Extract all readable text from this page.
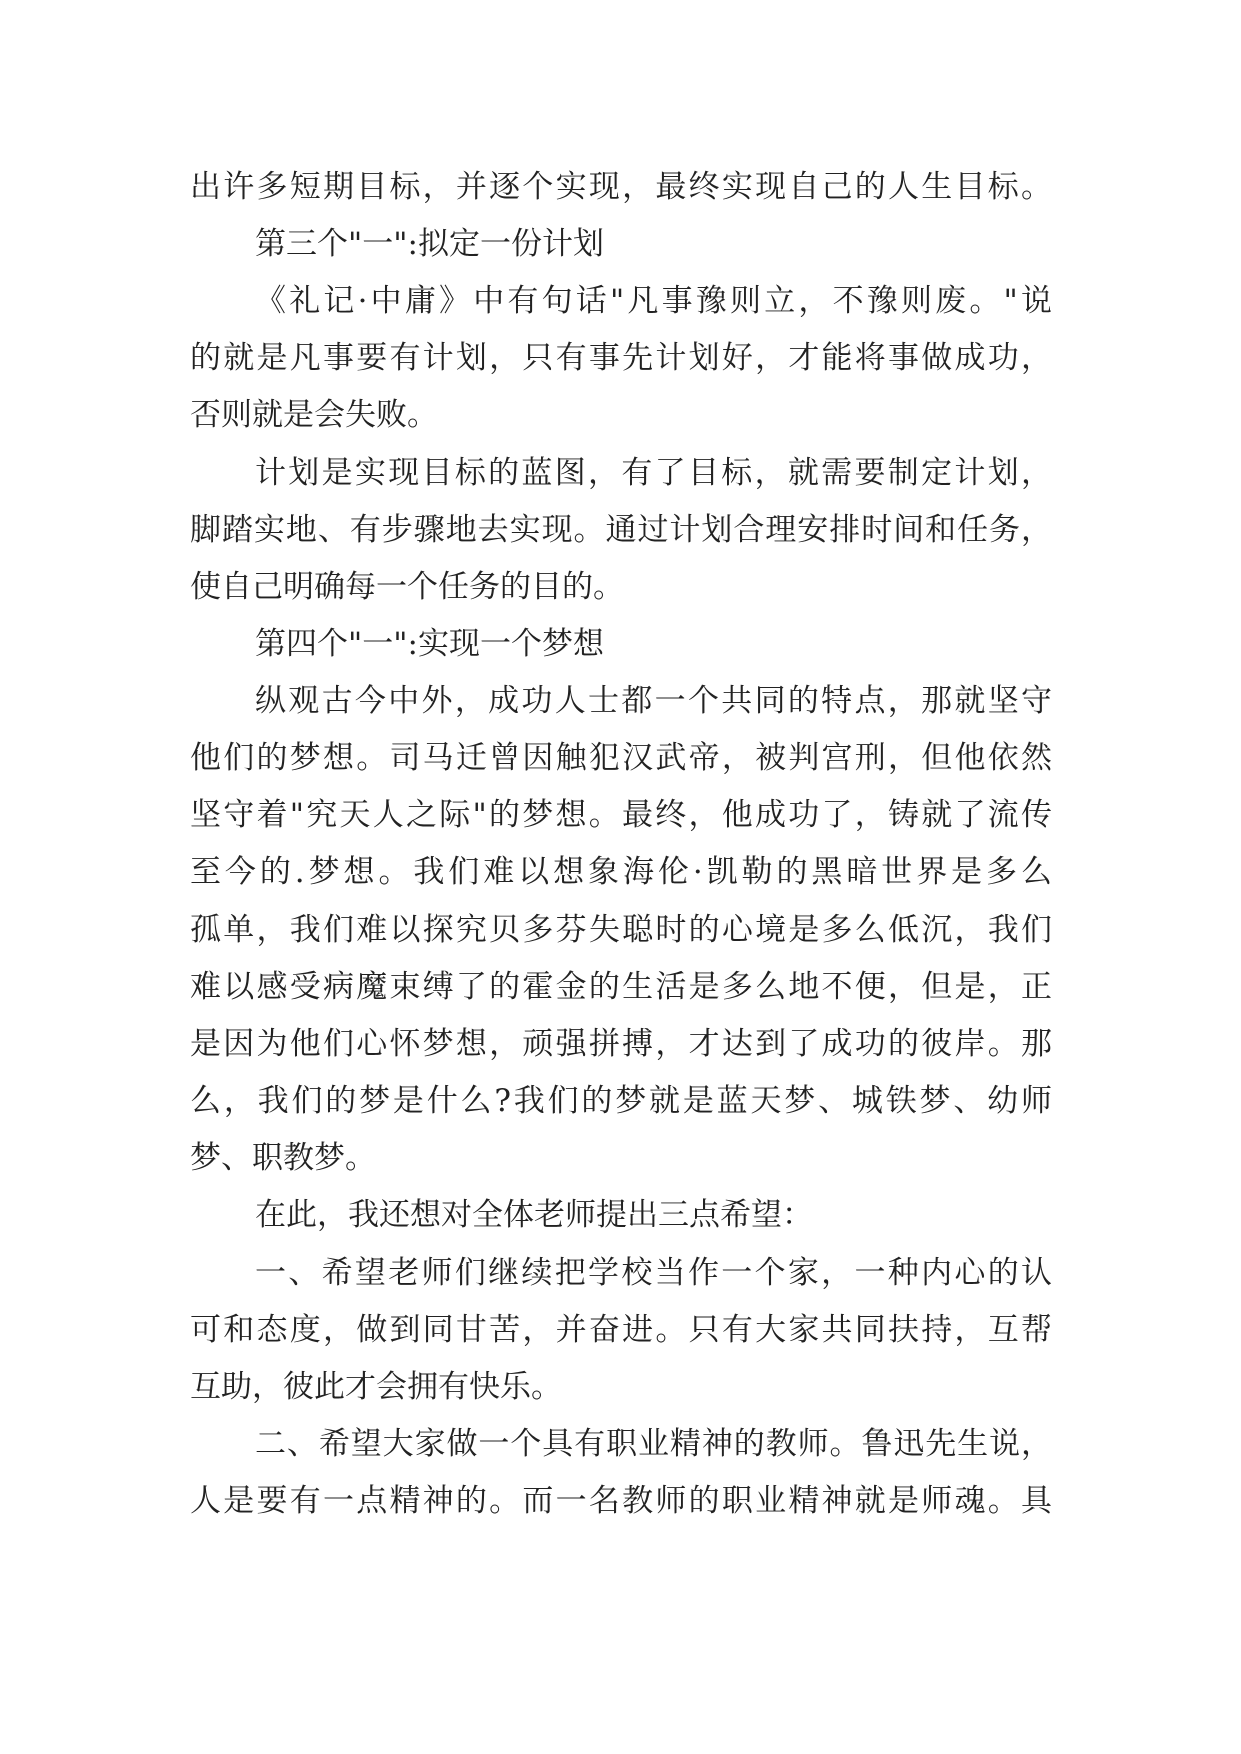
出许多短期目标，并逐个实现，最终实现自己的人生目标。
第三个"一":拟定一份计划
《礼记·中庸》中有句话"凡事豫则立，不豫则废。"说
的就是凡事要有计划，只有事先计划好，才能将事做成功，
否则就是会失败。
计划是实现目标的蓝图，有了目标，就需要制定计划，
脚踏实地、有步骤地去实现。通过计划合理安排时间和任务，
使自己明确每一个任务的目的。
第四个"一":实现一个梦想
纵观古今中外，成功人士都一个共同的特点，那就坚守
他们的梦想。司马迁曾因触犯汉武帝，被判宫刑，但他依然
坚守着"究天人之际"的梦想。最终，他成功了，铸就了流传
至今的.梦想。我们难以想象海伦·凯勒的黑暗世界是多么
孤单，我们难以探究贝多芬失聪时的心境是多么低沉，我们
难以感受病魔束缚了的霍金的生活是多么地不便，但是，正
是因为他们心怀梦想，顽强拼搏，才达到了成功的彼岸。那
么，我们的梦是什么?我们的梦就是蓝天梦、城铁梦、幼师
梦、职教梦。
在此，我还想对全体老师提出三点希望：
一、希望老师们继续把学校当作一个家，一种内心的认
可和态度，做到同甘苦，并奋进。只有大家共同扶持，互帮
互助，彼此才会拥有快乐。
二、希望大家做一个具有职业精神的教师。鲁迅先生说，
人是要有一点精神的。而一名教师的职业精神就是师魂。具
